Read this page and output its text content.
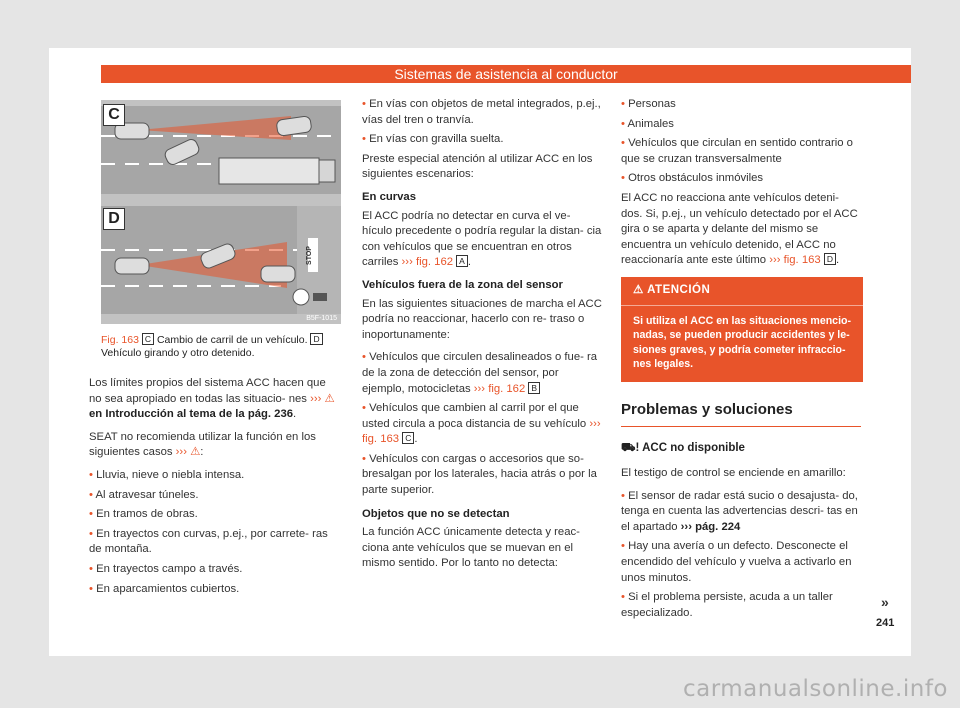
Sistemas de asistencia al conductor
C
D
STOP
B5F-1015
Fig. 163 C Cambio de carril de un vehículo. D Vehículo girando y otro detenido.

Los límites propios del sistema ACC hacen que no sea apropiado en todas las situacio- nes ››› ⚠ en Introducción al tema de la pág. 236.

SEAT no recomienda utilizar la función en los siguientes casos ››› ⚠:

• Lluvia, nieve o niebla intensa.
• Al atravesar túneles.
• En tramos de obras.
• En trayectos con curvas, p.ej., por carrete- ras de montaña.
• En trayectos campo a través.
• En aparcamientos cubiertos.
• En vías con objetos de metal integrados, p.ej., vías del tren o tranvía.
• En vías con gravilla suelta.

Preste especial atención al utilizar ACC en los siguientes escenarios:

En curvas

El ACC podría no detectar en curva el ve- hículo precedente o podría regular la distan- cia con vehículos que se encuentran en otros carriles ››› fig. 162 A .

Vehículos fuera de la zona del sensor

En las siguientes situaciones de marcha el ACC podría no reaccionar, hacerlo con re- traso o inoportunamente:

• Vehículos que circulen desalineados o fue- ra de la zona de detección del sensor, por ejemplo, motocicletas ››› fig. 162 B
• Vehículos que cambien al carril por el que usted circula a poca distancia de su vehículo ››› fig. 163 C .
• Vehículos con cargas o accesorios que so- bresalgan por los laterales, hacia atrás o por la parte superior.
Objetos que no se detectan

La función ACC únicamente detecta y reac- ciona ante vehículos que se muevan en el mismo sentido. Por lo tanto no detecta:

• Personas
• Animales
• Vehículos que circulan en sentido contrario o que se cruzan transversalmente
• Otros obstáculos inmóviles

El ACC no reacciona ante vehículos deteni- dos. Si, p.ej., un vehículo detectado por el ACC gira o se aparta y delante del mismo se encuentra un vehículo detenido, el ACC no reaccionaría ante este último ››› fig. 163 D .

⚠ ATENCIÓN
Si utiliza el ACC en las situaciones mencio- nadas, se pueden producir accidentes y le- siones graves, y podría cometer infraccio- nes legales.
Problemas y soluciones
⛟! ACC no disponible

El testigo de control se enciende en amarillo:

• El sensor de radar está sucio o desajusta- do, tenga en cuenta las advertencias descri- tas en el apartado ››› pág. 224
• Hay una avería o un defecto. Desconecte el encendido del vehículo y vuelva a activarlo en unos minutos.
• Si el problema persiste, acuda a un taller especializado.
»
241
carmanualsonline.info
